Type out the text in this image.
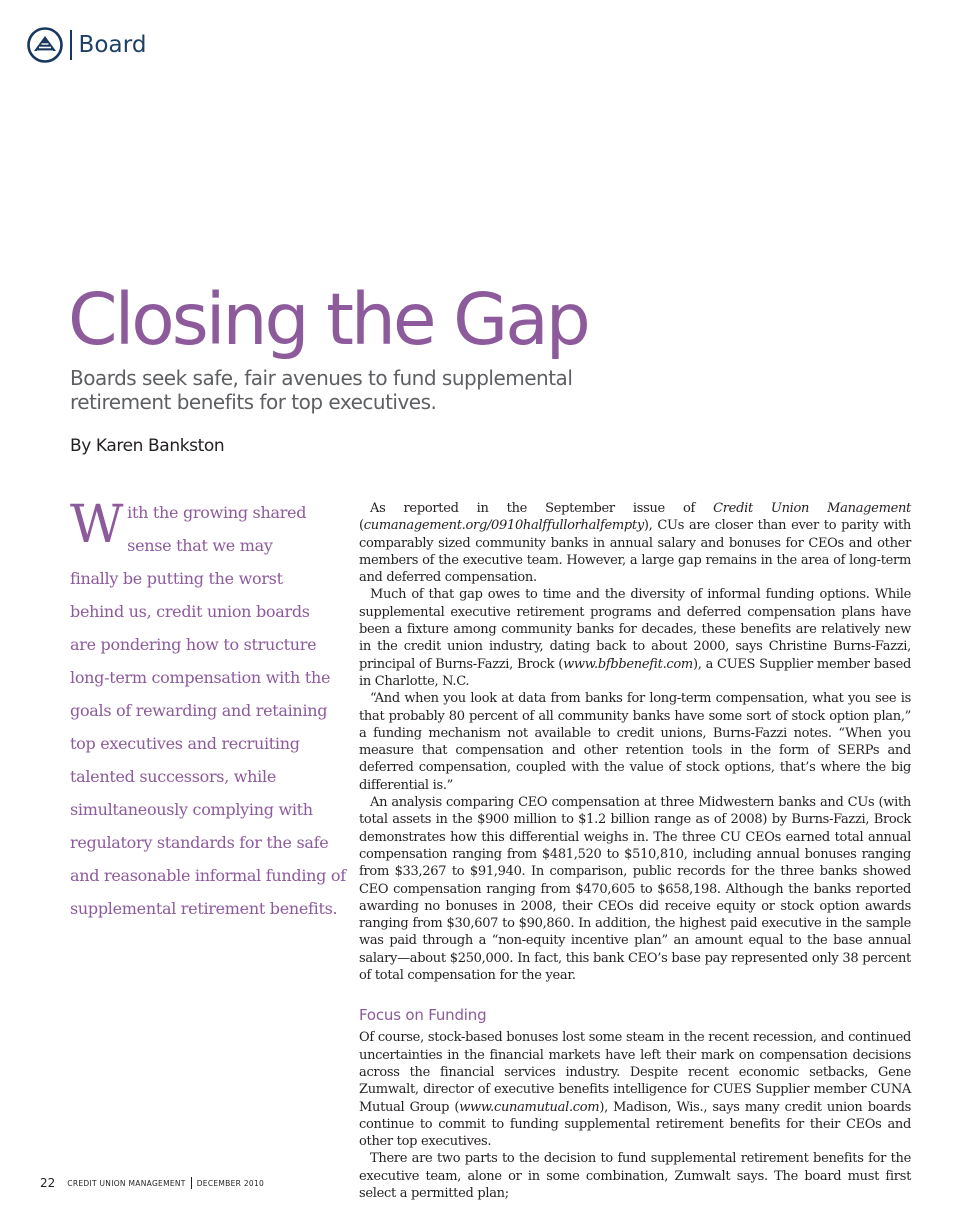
Board
Closing the Gap
Boards seek safe, fair avenues to fund supplemental retirement benefits for top executives.
By Karen Bankston
W ith the growing shared
sense that we may
finally be putting the worst
behind us, credit union boards
are pondering how to structure
long-term compensation with the
goals of rewarding and retaining
top executives and recruiting
talented successors, while
simultaneously complying with
regulatory standards for the safe
and reasonable informal funding of
supplemental retirement benefits.

As reported in the September issue of Credit Union Management (cumanagement.org/0910halffullorhalfempty), CUs are closer than ever to parity with comparably sized community banks in annual salary and bonuses for CEOs and other members of the executive team. However, a large gap remains in the area of long-term and deferred compensation.

Much of that gap owes to time and the diversity of informal funding options. While supplemental executive retirement programs and deferred compensation plans have been a fixture among community banks for decades, these benefits are relatively new in the credit union industry, dating back to about 2000, says Christine Burns-Fazzi, principal of Burns-Fazzi, Brock (www.bfbbenefit.com), a CUES Supplier member based in Charlotte, N.C.

“And when you look at data from banks for long-term compensation, what you see is that probably 80 percent of all community banks have some sort of stock option plan,” a funding mechanism not available to credit unions, Burns-Fazzi notes. “When you measure that compensation and other retention tools in the form of SERPs and deferred compensation, coupled with the value of stock options, that’s where the big differential is.”

An analysis comparing CEO compensation at three Midwestern banks and CUs (with total assets in the $900 million to $1.2 billion range as of 2008) by Burns-Fazzi, Brock demonstrates how this differential weighs in. The three CU CEOs earned total annual compensation ranging from $481,520 to $510,810, including annual bonuses ranging from $33,267 to $91,940. In comparison, public records for the three banks showed CEO compensation ranging from $470,605 to $658,198. Although the banks reported awarding no bonuses in 2008, their CEOs did receive equity or stock option awards ranging from $30,607 to $90,860. In addition, the highest paid executive in the sample was paid through a “non-equity incentive plan” an amount equal to the base annual salary—about $250,000. In fact, this bank CEO’s base pay represented only 38 percent of total compensation for the year.

Focus on Funding

Of course, stock-based bonuses lost some steam in the recent recession, and continued uncertainties in the financial markets have left their mark on compensation decisions across the financial services industry. Despite recent economic setbacks, Gene Zumwalt, director of executive benefits intelligence for CUES Supplier member CUNA Mutual Group (www.cunamutual.com), Madison, Wis., says many credit union boards continue to commit to funding supplemental retirement benefits for their CEOs and other top executives.

There are two parts to the decision to fund supplemental retirement benefits for the executive team, alone or in some combination, Zumwalt says. The board must first select a permitted plan;

22 CREDIT UNION MANAGEMENT DECEMBER 2010
